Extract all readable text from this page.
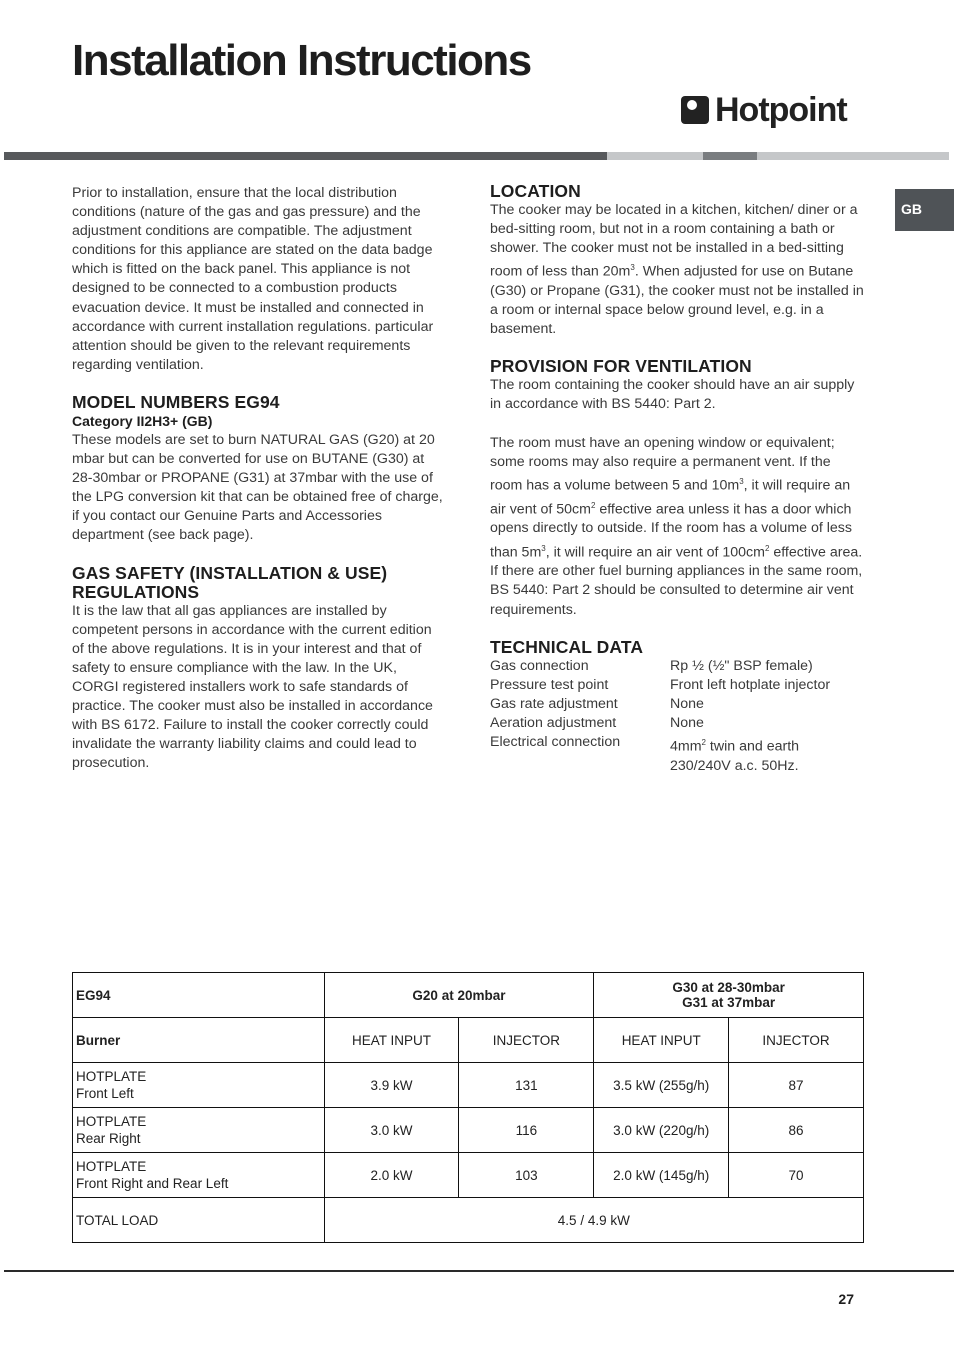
Installation Instructions
Hotpoint
GB

Prior to installation, ensure that the local distribution conditions (nature of the gas and gas pressure) and the adjustment conditions are compatible. The adjustment conditions for this appliance are stated on the data badge which is fitted on the back panel. This appliance is not designed to be connected to a combustion products evacuation device. It must be installed and connected in accordance with current installation regulations. particular attention should be given to the relevant requirements regarding ventilation.

MODEL NUMBERS EG94
Category II2H3+ (GB)

These models are set to burn NATURAL GAS (G20) at 20 mbar but can be converted for use on BUTANE (G30) at 28-30mbar or PROPANE (G31) at 37mbar with the use of the LPG conversion kit that can be obtained free of charge, if you contact our Genuine Parts and Accessories department (see back page).

GAS SAFETY (INSTALLATION & USE) REGULATIONS

It is the law that all gas appliances are installed by competent persons in accordance with the current edition of the above regulations. It is in your interest and that of safety to ensure compliance with the law. In the UK, CORGI registered installers work to safe standards of practice. The cooker must also be installed in accordance with BS 6172. Failure to install the cooker correctly could invalidate the warranty liability claims and could lead to prosecution.

LOCATION

The cooker may be located in a kitchen, kitchen/ diner or a bed-sitting room, but not in a room containing a bath or shower. The cooker must not be installed in a bed-sitting room of less than $20m^3$. When adjusted for use on Butane (G30) or Propane (G31), the cooker must not be installed in a room or internal space below ground level, e.g. in a basement.

PROVISION FOR VENTILATION

The room containing the cooker should have an air supply in accordance with BS 5440: Part 2.

The room must have an opening window or equivalent; some rooms may also require a permanent vent. If the room has a volume between 5 and $10m^3$, it will require an air vent of $50cm^2$ effective area unless it has a door which opens directly to outside. If the room has a volume of less than $5m^3$, it will require an air vent of $100cm^2$ effective area. If there are other fuel burning appliances in the same room, BS 5440: Part 2 should be consulted to determine air vent requirements.

TECHNICAL DATA
Gas connection	Rp ½ (½" BSP female)
Pressure test point	Front left hotplate injector
Gas rate adjustment	None
Aeration adjustment	None
Electrical connection	$4mm^2$ twin and earth
230/240V a.c. 50Hz.
EG94	G20 at 20mbar		G30 at 28-30mbar
G31 at 37mbar	
Burner	HEAT INPUT	INJECTOR	HEAT INPUT	INJECTOR
HOTPLATE
Front Left	3.9 kW	131	3.5 kW (255g/h)	87
HOTPLATE
Rear Right	3.0 kW	116	3.0 kW (220g/h)	86
HOTPLATE
Front Right and Rear Left	2.0 kW	103	2.0 kW (145g/h)	70
TOTAL LOAD	4.5 / 4.9 kW			
27
